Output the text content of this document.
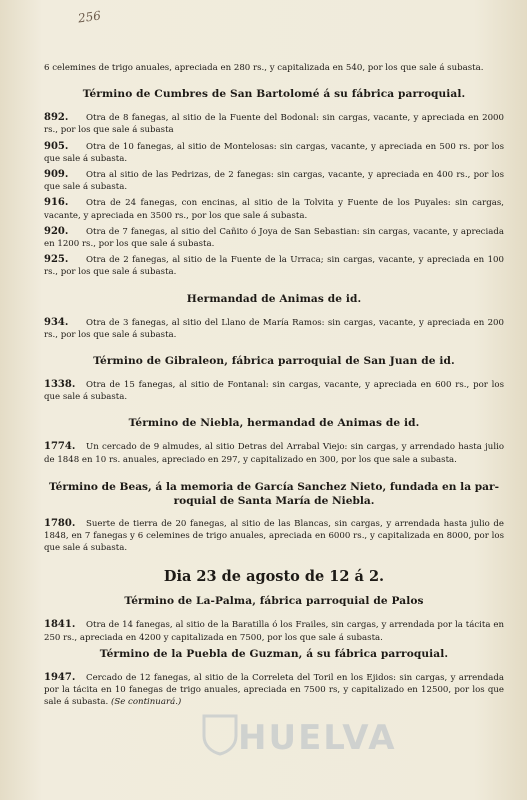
256

6 celemines de trigo anuales, apreciada en 280 rs., y capitalizada en 540, por los que sale á subasta.

Término de Cumbres de San Bartolomé á su fábrica parroquial.
892.	Otra de 8 fanegas, al sitio de la Fuente del Bodonal: sin cargas, vacante, y apreciada en 2000 rs., por los que sale á subasta

905.	Otra de 10 fanegas, al sitio de Montelosas: sin cargas, vacante, y apreciada en 500 rs. por los que sale á subasta.

909.	Otra al sitio de las Pedrizas, de 2 fanegas: sin cargas, vacante, y apreciada en 400 rs., por los que sale á subasta.

916.	Otra de 24 fanegas, con encinas, al sitio de la Tolvita y Fuente de los Puyales: sin cargas, vacante, y apreciada en 3500 rs., por los que sale á subasta.

920.	Otra de 7 fanegas, al sitio del Cañito ó Joya de San Sebastian: sin cargas, vacante, y apreciada en 1200 rs., por los que sale á subasta.

925.	Otra de 2 fanegas, al sitio de la Fuente de la Urraca; sin cargas, vacante, y apreciada en 100 rs., por los que sale á subasta.

Hermandad de Animas de id.
934.	Otra de 3 fanegas, al sitio del Llano de María Ramos: sin cargas, vacante, y apreciada en 200 rs., por los que sale á subasta.

Término de Gibraleon, fábrica parroquial de San Juan de id.
1338.	Otra de 15 fanegas, al sitio de Fontanal: sin cargas, vacante, y apreciada en 600 rs., por los que sale á subasta.

Término de Niebla, hermandad de Animas de id.
1774.	Un cercado de 9 almudes, al sitio Detras del Arrabal Viejo: sin cargas, y arrendado hasta julio de 1848 en 10 rs. anuales, apreciado en 297, y capitalizado en 300, por los que sale a subasta.

Término de Beas, á la memoria de García Sanchez Nieto, fundada en la par-
roquial de Santa María de Niebla.
1780.	Suerte de tierra de 20 fanegas, al sitio de las Blancas, sin cargas, y arrendada hasta julio de 1848, en 7 fanegas y 6 celemines de trigo anuales, apreciada en 6000 rs., y capitalizada en 8000, por los que sale á subasta.

Dia 23 de agosto de 12 á 2.
Término de La-Palma, fábrica parroquial de Palos
1841.	Otra de 14 fanegas, al sitio de la Baratilla ó los Frailes, sin cargas, y arrendada por la tácita en 250 rs., apreciada en 4200 y capitalizada en 7500, por los que sale á subasta.

Término de la Puebla de Guzman, á su fábrica parroquial.
1947.	Cercado de 12 fanegas, al sitio de la Correleta del Toril en los Ejidos: sin cargas, y arrendada por la tácita en 10 fanegas de trigo anuales, apreciada en 7500 rs, y capitalizado en 12500, por los que sale á subasta. (Se continuará.)

HUELVA
